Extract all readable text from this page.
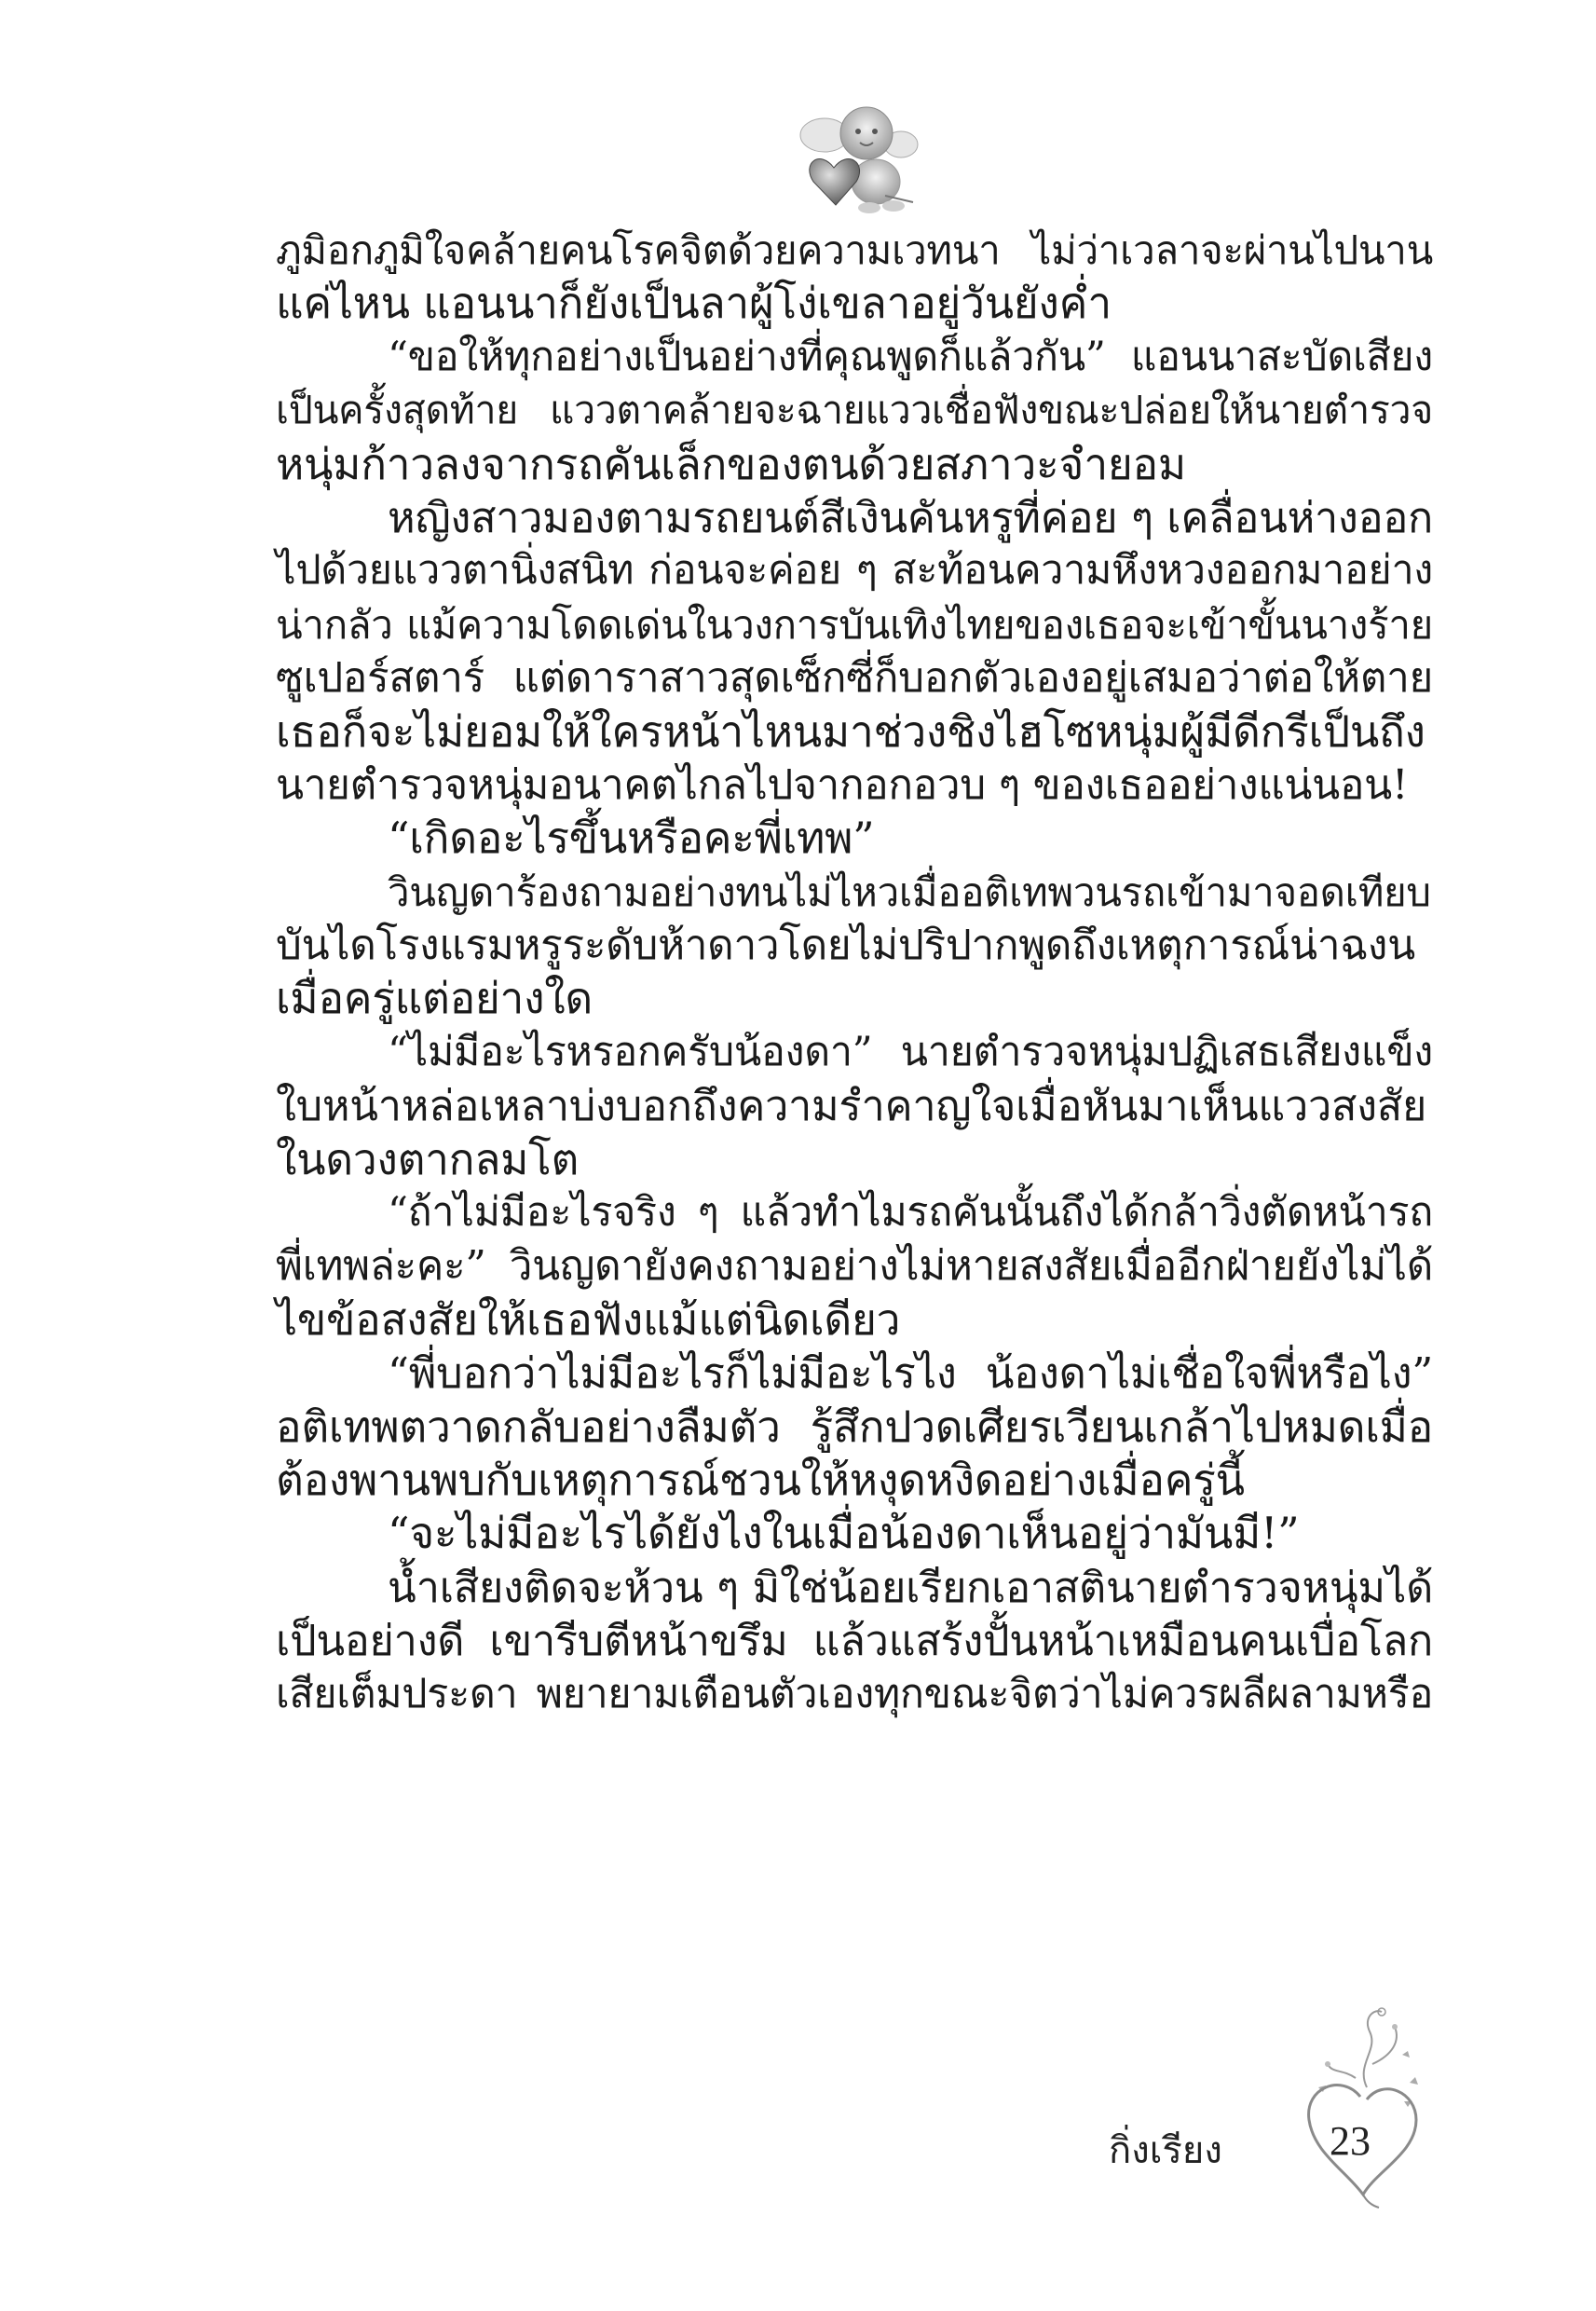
ภูมิอกภูมิใจคล้ายคนโรคจิตด้วยความเวทนา ไม่ว่าเวลาจะผ่านไปนาน
แค่ไหน แอนนาก็ยังเป็นลาผู้โง่เขลาอยู่วันยังค่ำ
“ขอให้ทุกอย่างเป็นอย่างที่คุณพูดก็แล้วกัน” แอนนาสะบัดเสียง
เป็นครั้งสุดท้าย แววตาคล้ายจะฉายแววเชื่อฟังขณะปล่อยให้นายตำรวจ
หนุ่มก้าวลงจากรถคันเล็กของตนด้วยสภาวะจำยอม
หญิงสาวมองตามรถยนต์สีเงินคันหรูที่ค่อย ๆ เคลื่อนห่างออก
ไปด้วยแววตานิ่งสนิท ก่อนจะค่อย ๆ สะท้อนความหึงหวงออกมาอย่าง
น่ากลัว แม้ความโดดเด่นในวงการบันเทิงไทยของเธอจะเข้าขั้นนางร้าย
ซูเปอร์สตาร์ แต่ดาราสาวสุดเซ็กซี่ก็บอกตัวเองอยู่เสมอว่าต่อให้ตาย
เธอก็จะไม่ยอมให้ใครหน้าไหนมาช่วงชิงไฮโซหนุ่มผู้มีดีกรีเป็นถึง
นายตำรวจหนุ่มอนาคตไกลไปจากอกอวบ ๆ ของเธออย่างแน่นอน!
“เกิดอะไรขึ้นหรือคะพี่เทพ”
วินญดาร้องถามอย่างทนไม่ไหวเมื่ออติเทพวนรถเข้ามาจอดเทียบ
บันไดโรงแรมหรูระดับห้าดาวโดยไม่ปริปากพูดถึงเหตุการณ์น่าฉงน
เมื่อครู่แต่อย่างใด
“ไม่มีอะไรหรอกครับน้องดา” นายตำรวจหนุ่มปฏิเสธเสียงแข็ง
ใบหน้าหล่อเหลาบ่งบอกถึงความรำคาญใจเมื่อหันมาเห็นแววสงสัย
ในดวงตากลมโต
“ถ้าไม่มีอะไรจริง ๆ แล้วทำไมรถคันนั้นถึงได้กล้าวิ่งตัดหน้ารถ
พี่เทพล่ะคะ” วินญดายังคงถามอย่างไม่หายสงสัยเมื่ออีกฝ่ายยังไม่ได้
ไขข้อสงสัยให้เธอฟังแม้แต่นิดเดียว
“พี่บอกว่าไม่มีอะไรก็ไม่มีอะไรไง น้องดาไม่เชื่อใจพี่หรือไง”
อติเทพตวาดกลับอย่างลืมตัว รู้สึกปวดเศียรเวียนเกล้าไปหมดเมื่อ
ต้องพานพบกับเหตุการณ์ชวนให้หงุดหงิดอย่างเมื่อครู่นี้
“จะไม่มีอะไรได้ยังไงในเมื่อน้องดาเห็นอยู่ว่ามันมี!”
น้ำเสียงติดจะห้วน ๆ มิใช่น้อยเรียกเอาสตินายตำรวจหนุ่มได้
เป็นอย่างดี เขารีบตีหน้าขรึม แล้วแสร้งปั้นหน้าเหมือนคนเบื่อโลก
เสียเต็มประดา พยายามเตือนตัวเองทุกขณะจิตว่าไม่ควรผลีผลามหรือ
กิ่งเรียง	23
